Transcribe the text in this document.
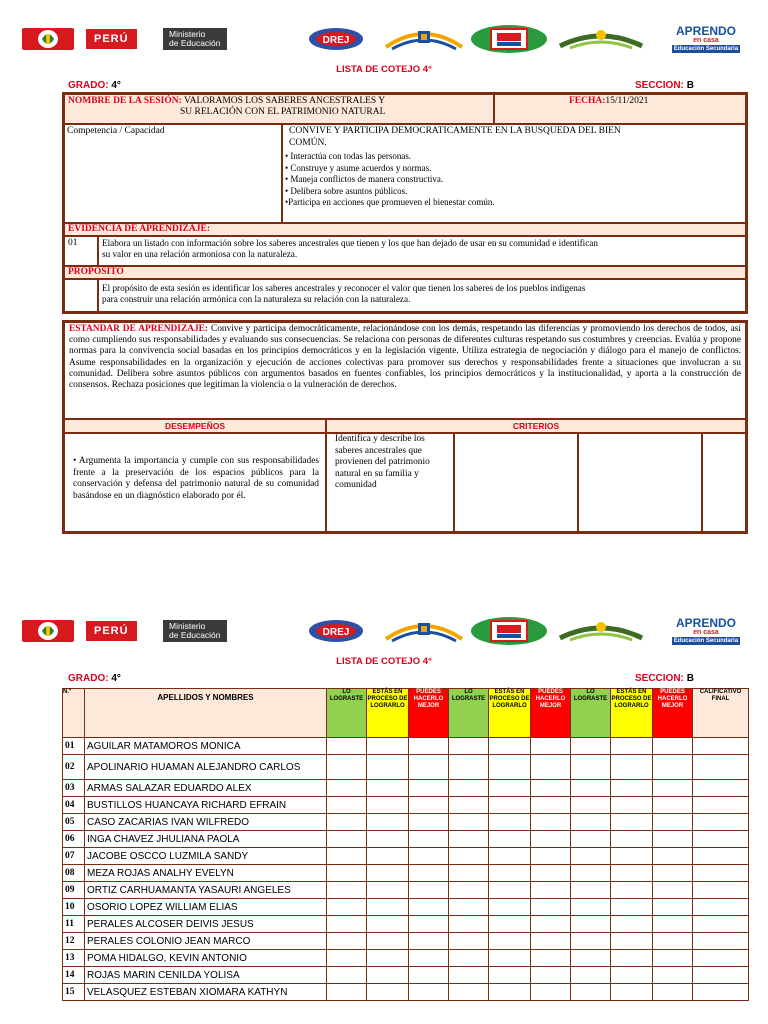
PERÚ	Ministerio
de Educación	DREJ
APRENDO
en casa
Educación Secundaria
LISTA DE COTEJO 4°
GRADO: 4°	SECCION: B
NOMBRE DE LA SESIÓN: VALORAMOS LOS SABERES ANCESTRALES Y
SU RELACIÓN CON EL PATRIMONIO NATURAL
FECHA:15/11/2021
Competencia / Capacidad	CONVIVE Y PARTICIPA DEMOCRATICAMENTE EN LA BUSQUEDA DEL BIEN
COMÚN.
• Interactúa con todas las personas.
• Construye y asume acuerdos y normas.
• Maneja conflictos de manera constructiva.
• Delibera sobre asuntos públicos.
•Participa en acciones que promueven el bienestar común.
EVIDENCIA DE APRENDIZAJE:
01	Elabora un listado con información sobre los saberes ancestrales que tienen y los que han dejado de usar en su comunidad e identifican
su valor en una relación armoniosa con la naturaleza.
PROPÓSITO
El propósito de esta sesión es identificar los saberes ancestrales y reconocer el valor que tienen los saberes de los pueblos indígenas
para construir una relación armónica con la naturaleza su relación con la naturaleza.
ESTANDAR DE APRENDIZAJE: Convive y participa democráticamente, relacionándose con los demás, respetando las diferencias y promoviendo los derechos de todos, así como cumpliendo sus responsabilidades y evaluando sus consecuencias. Se relaciona con personas de diferentes culturas respetando sus costumbres y creencias. Evalúa y propone normas para la convivencia social basadas en los principios democráticos y en la legislación vigente. Utiliza estrategia de negociación y diálogo para el manejo de conflictos. Asume responsabilidades en la organización y ejecución de acciones colectivas para promover sus derechos y responsabilidades frente a situaciones que involucran a su comunidad. Delibera sobre asuntos públicos con argumentos basados en fuentes confiables, los principios democráticos y la institucionalidad, y aporta a la construcción de consensos. Rechaza posiciones que legitiman la violencia o la vulneración de derechos.
DESEMPEÑOS	CRITERIOS
• Argumenta la importancia y cumple con sus responsabilidades frente a la preservación de los espacios públicos para la conservación y defensa del patrimonio natural de su comunidad basándose en un diagnóstico elaborado por él.
Identifica y describe los saberes ancestrales que provienen del patrimonio natural en su familia y comunidad
PERÚ	Ministerio
de Educación	DREJ
APRENDO
en casa
Educación Secundaria
LISTA DE COTEJO 4°
GRADO: 4°	SECCION: B
N.º	APELLIDOS Y NOMBRES	LO LOGRASTE	ESTÁS EN PROCESO DE LOGRARLO	PUEDES HACERLO MEJOR	LO LOGRASTE	ESTÁS EN PROCESO DE LOGRARLO	PUEDES HACERLO MEJOR	LO LOGRASTE	ESTÁS EN PROCESO DE LOGRARLO	PUEDES HACERLO MEJOR	CALIFICATIVO FINAL
01	AGUILAR MATAMOROS MONICA										
02	APOLINARIO HUAMAN ALEJANDRO CARLOS										
03	ARMAS SALAZAR EDUARDO ALEX										
04	BUSTILLOS HUANCAYA RICHARD EFRAIN										
05	CASO ZACARIAS IVAN WILFREDO										
06	INGA CHAVEZ JHULIANA PAOLA										
07	JACOBE OSCCO LUZMILA SANDY										
08	MEZA ROJAS ANALHY EVELYN										
09	ORTIZ CARHUAMANTA YASAURI ANGELES										
10	OSORIO LOPEZ WILLIAM ELIAS										
11	PERALES ALCOSER DEIVIS JESUS										
12	PERALES COLONIO JEAN MARCO										
13	POMA HIDALGO, KEVIN ANTONIO										
14	ROJAS MARIN CENILDA YOLISA										
15	VELASQUEZ ESTEBAN XIOMARA KATHYN										
